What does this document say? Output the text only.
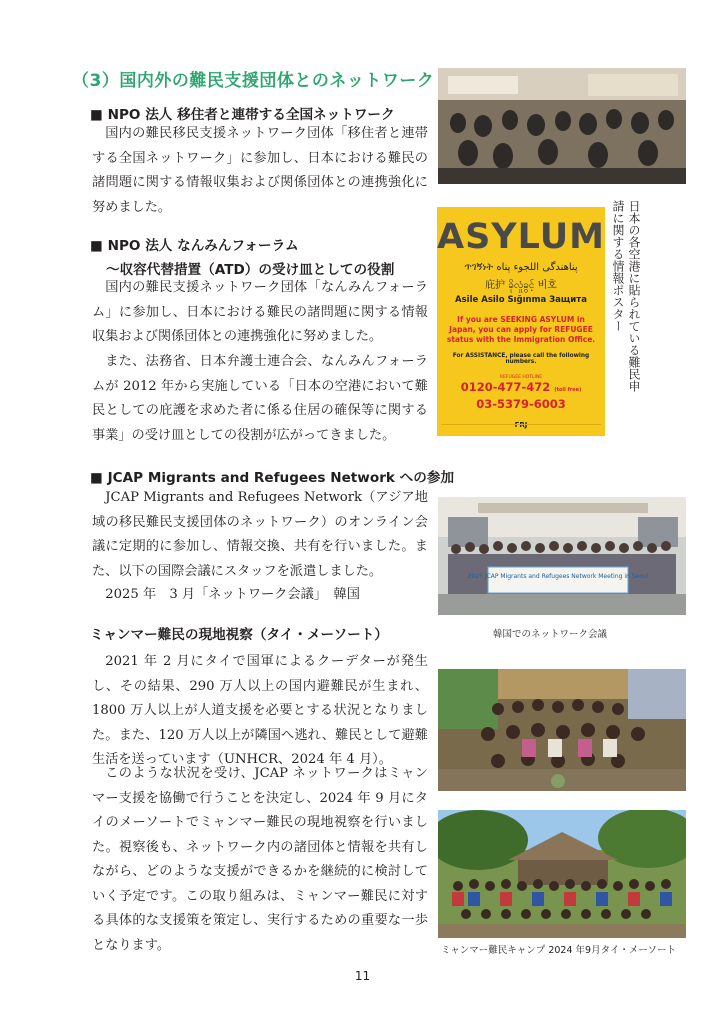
（3）国内外の難民支援団体とのネットワーク
■ NPO 法人 移住者と連帯する全国ネットワーク

国内の難民移民支援ネットワーク団体「移住者と連帯する全国ネットワーク」に参加し、日本における難民の諸問題に関する情報収集および関係団体との連携強化に努めました。

■ NPO 法人 なんみんフォーラム
～収容代替措置（ATD）の受け皿としての役割

国内の難民支援ネットワーク団体「なんみんフォーラム」に参加し、日本における難民の諸問題に関する情報収集および関係団体との連携強化に努めました。

また、法務省、日本弁護士連合会、なんみんフォーラムが 2012 年から実施している「日本の空港において難民としての庇護を求めた者に係る住居の確保等に関する事業」の受け皿としての役割が広がってきました。

■ JCAP Migrants and Refugees Network への参加

JCAP Migrants and Refugees Network（アジア地域の移民難民支援団体のネットワーク）のオンライン会議に定期的に参加し、情報交換、共有を行いました。また、以下の国際会議にスタッフを派遣しました。

2025 年　3 月「ネットワーク会議」　韓国

ミャンマー難民の現地視察（タイ・メーソート）

2021 年 2 月にタイで国軍によるクーデターが発生し、その結果、290 万人以上の国内避難民が生まれ、1800 万人以上が人道支援を必要とする状況となりました。また、120 万人以上が隣国へ逃れ、難民として避難生活を送っています（UNHCR、2024 年 4 月）。

このような状況を受け、JCAP ネットワークはミャンマー支援を協働で行うことを決定し、2024 年 9 月にタイのメーソートでミャンマー難民の現地視察を行いました。視察後も、ネットワーク内の諸団体と情報を共有しながら、どのような支援ができるかを継続的に検討していく予定です。この取り組みは、ミャンマー難民に対する具体的な支援策を策定し、実行するための重要な一歩となります。

ASYLUM
ጥገኝነት پناهندگی اللجوء پناه
庇护 ခိုလှုံခွင့် 비호
Asile Asilo Sığınma Защита
If you are SEEKING ASYLUM in Japan, you can apply for REFUGEE status with the Immigration Office.
For ASSISTANCE, please call the following numbers.
REFUGEE HOTLINE
0120-477-472 (toll free)
03-5379-6003
FRJ
日本の各空港に貼られている難民申請に関する情報ポスター
2025 JCAP Migrants and Refugees Network Meeting in Seoul
韓国でのネットワーク会議
ミャンマー難民キャンプ 2024 年9月タイ・メーソート
11
